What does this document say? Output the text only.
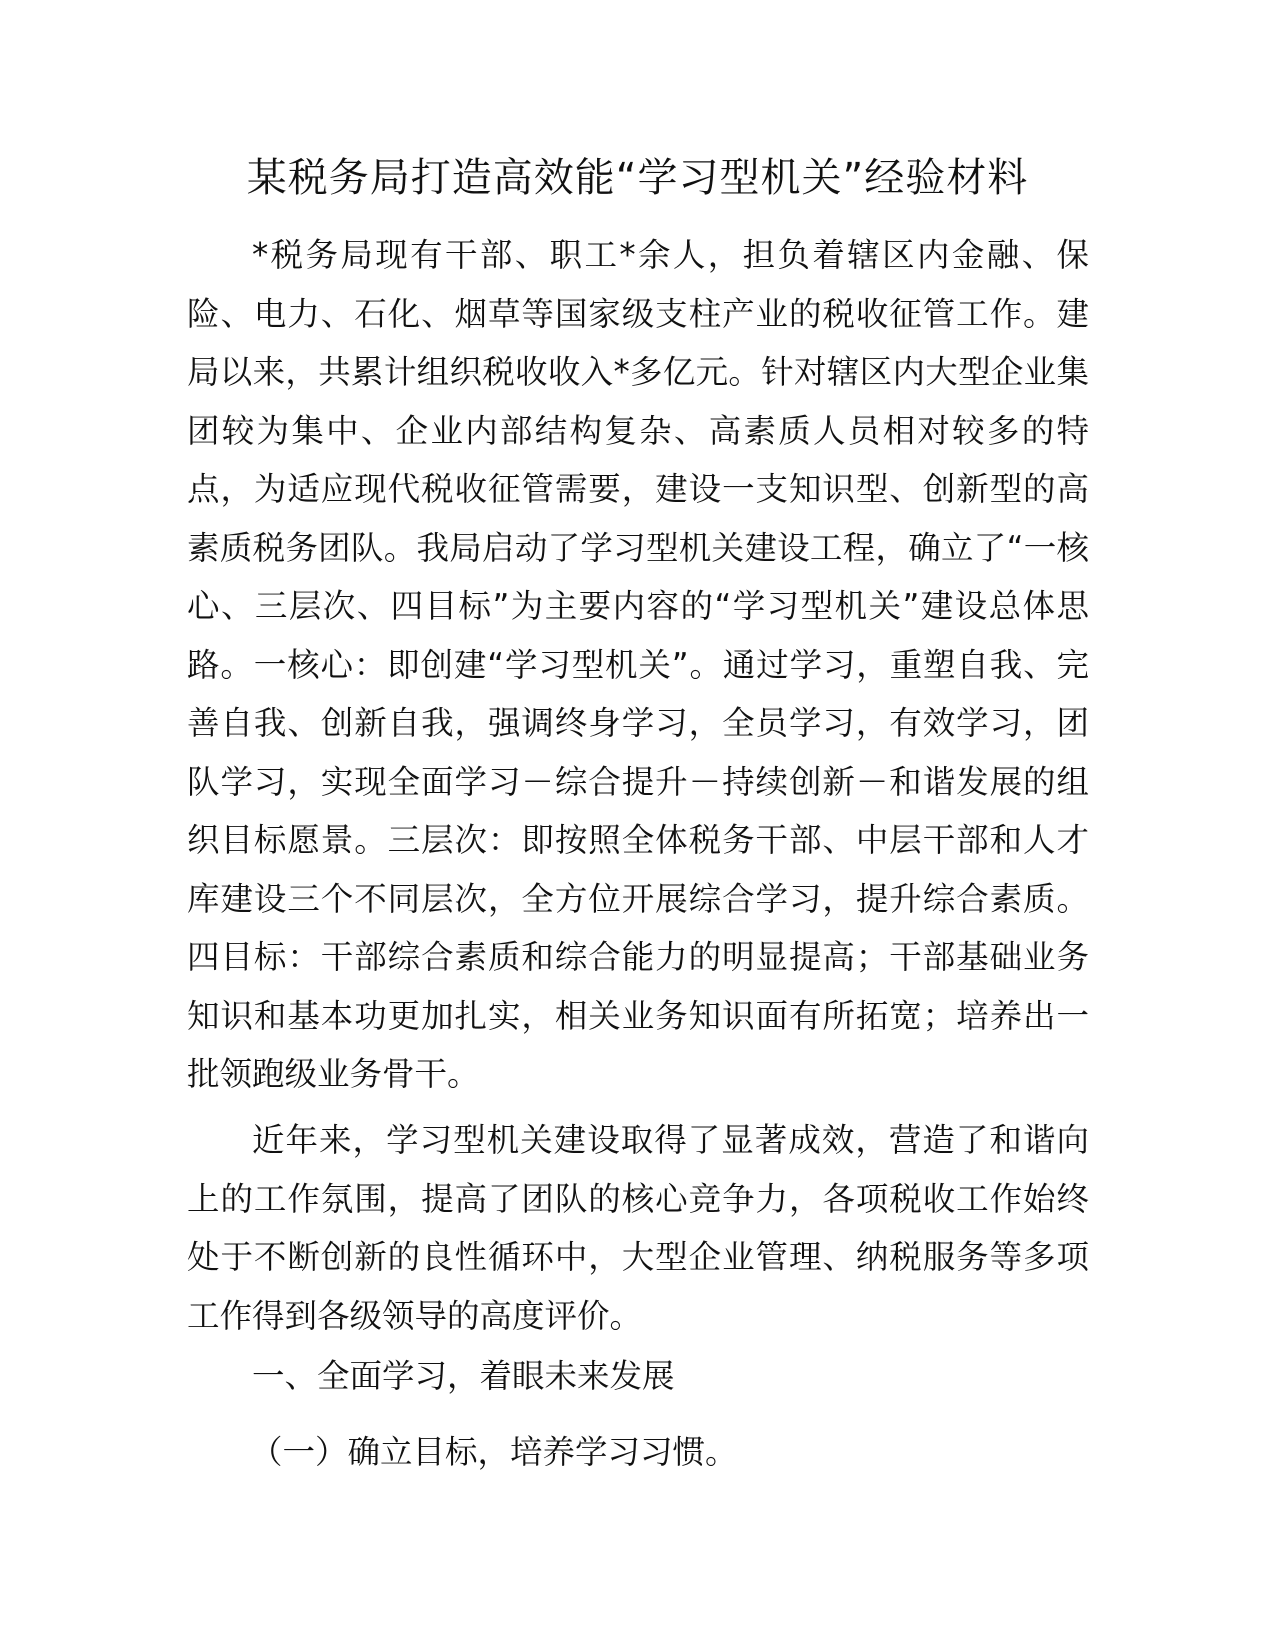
某税务局打造高效能“学习型机关”经验材料

*税务局现有干部、职工*余人，担负着辖区内金融、保险、电力、石化、烟草等国家级支柱产业的税收征管工作。建局以来，共累计组织税收收入*多亿元。针对辖区内大型企业集团较为集中、企业内部结构复杂、高素质人员相对较多的特点，为适应现代税收征管需要，建设一支知识型、创新型的高素质税务团队。我局启动了学习型机关建设工程，确立了“一核心、三层次、四目标”为主要内容的“学习型机关”建设总体思路。一核心：即创建“学习型机关”。通过学习，重塑自我、完善自我、创新自我，强调终身学习，全员学习，有效学习，团队学习，实现全面学习－综合提升－持续创新－和谐发展的组织目标愿景。三层次：即按照全体税务干部、中层干部和人才库建设三个不同层次，全方位开展综合学习，提升综合素质。四目标：干部综合素质和综合能力的明显提高；干部基础业务知识和基本功更加扎实，相关业务知识面有所拓宽；培养出一批领跑级业务骨干。

近年来，学习型机关建设取得了显著成效，营造了和谐向上的工作氛围，提高了团队的核心竞争力，各项税收工作始终处于不断创新的良性循环中，大型企业管理、纳税服务等多项工作得到各级领导的高度评价。

一、全面学习，着眼未来发展

（一）确立目标，培养学习习惯。
